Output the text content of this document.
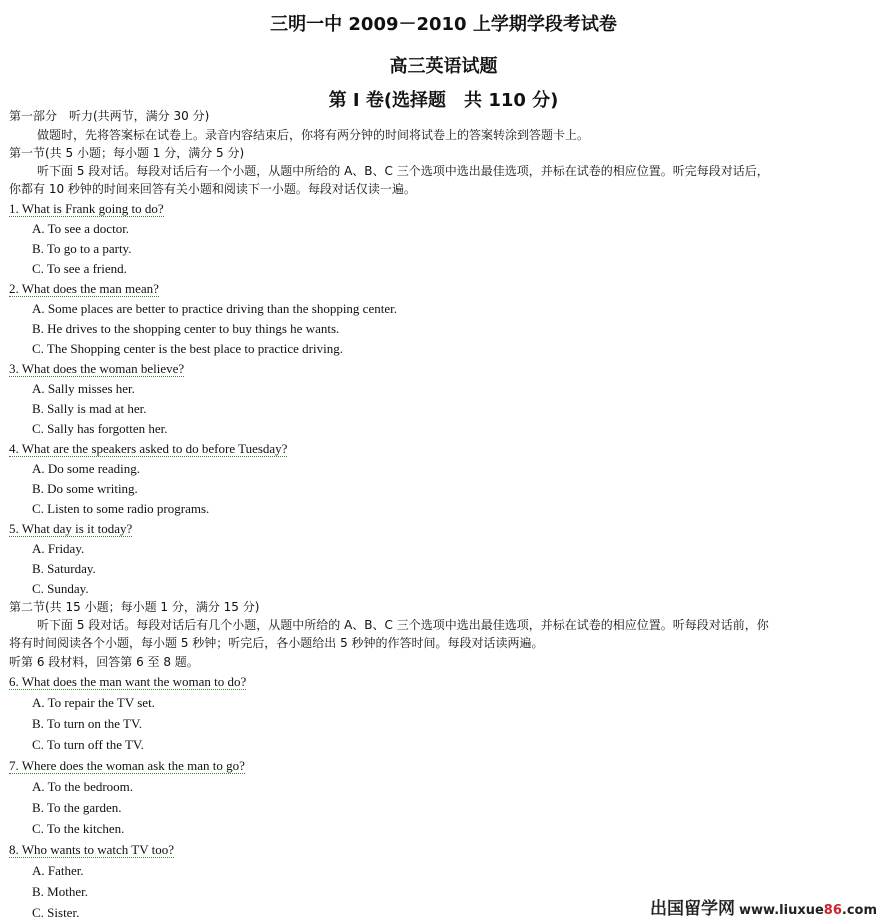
三明一中 2009－2010 上学期学段考试卷
高三英语试题
第 I 卷(选择题　共 110 分)
第一部分　听力(共两节，满分 30 分)
做题时，先将答案标在试卷上。录音内容结束后，你将有两分钟的时间将试卷上的答案转涂到答题卡上。
第一节(共 5 小题；每小题 1 分，满分 5 分)
听下面 5 段对话。每段对话后有一个小题，从题中所给的 A、B、C 三个选项中选出最佳选项，并标在试卷的相应位置。听完每段对话后，
你都有 10 秒钟的时间来回答有关小题和阅读下一小题。每段对话仅读一遍。
1. What is Frank going to do?
A. To see a doctor.
B. To go to a party.
C. To see a friend.
2. What does the man mean?
A. Some places are better to practice driving than the shopping center.
B. He drives to the shopping center to buy things he wants.
C. The Shopping center is the best place to practice driving.
3. What does the woman believe?
A. Sally misses her.
B. Sally is mad at her.
C. Sally has forgotten her.
4. What are the speakers asked to do before Tuesday?
A. Do some reading.
B. Do some writing.
C. Listen to some radio programs.
5. What day is it today?
A. Friday.
B. Saturday.
C. Sunday.
第二节(共 15 小题；每小题 1 分，满分 15 分)
听下面 5 段对话。每段对话后有几个小题，从题中所给的 A、B、C 三个选项中选出最佳选项，并标在试卷的相应位置。听每段对话前，你
将有时间阅读各个小题，每小题 5 秒钟；听完后，各小题给出 5 秒钟的作答时间。每段对话读两遍。
听第 6 段材料，回答第 6 至 8 题。
6. What does the man want the woman to do?
A. To repair the TV set.
B. To turn on the TV.
C. To turn off the TV.
7. Where does the woman ask the man to go?
A. To the bedroom.
B. To the garden.
C. To the kitchen.
8. Who wants to watch TV too?
A. Father.
B. Mother.
C. Sister.	出国留学网 www.liuxue86.com
